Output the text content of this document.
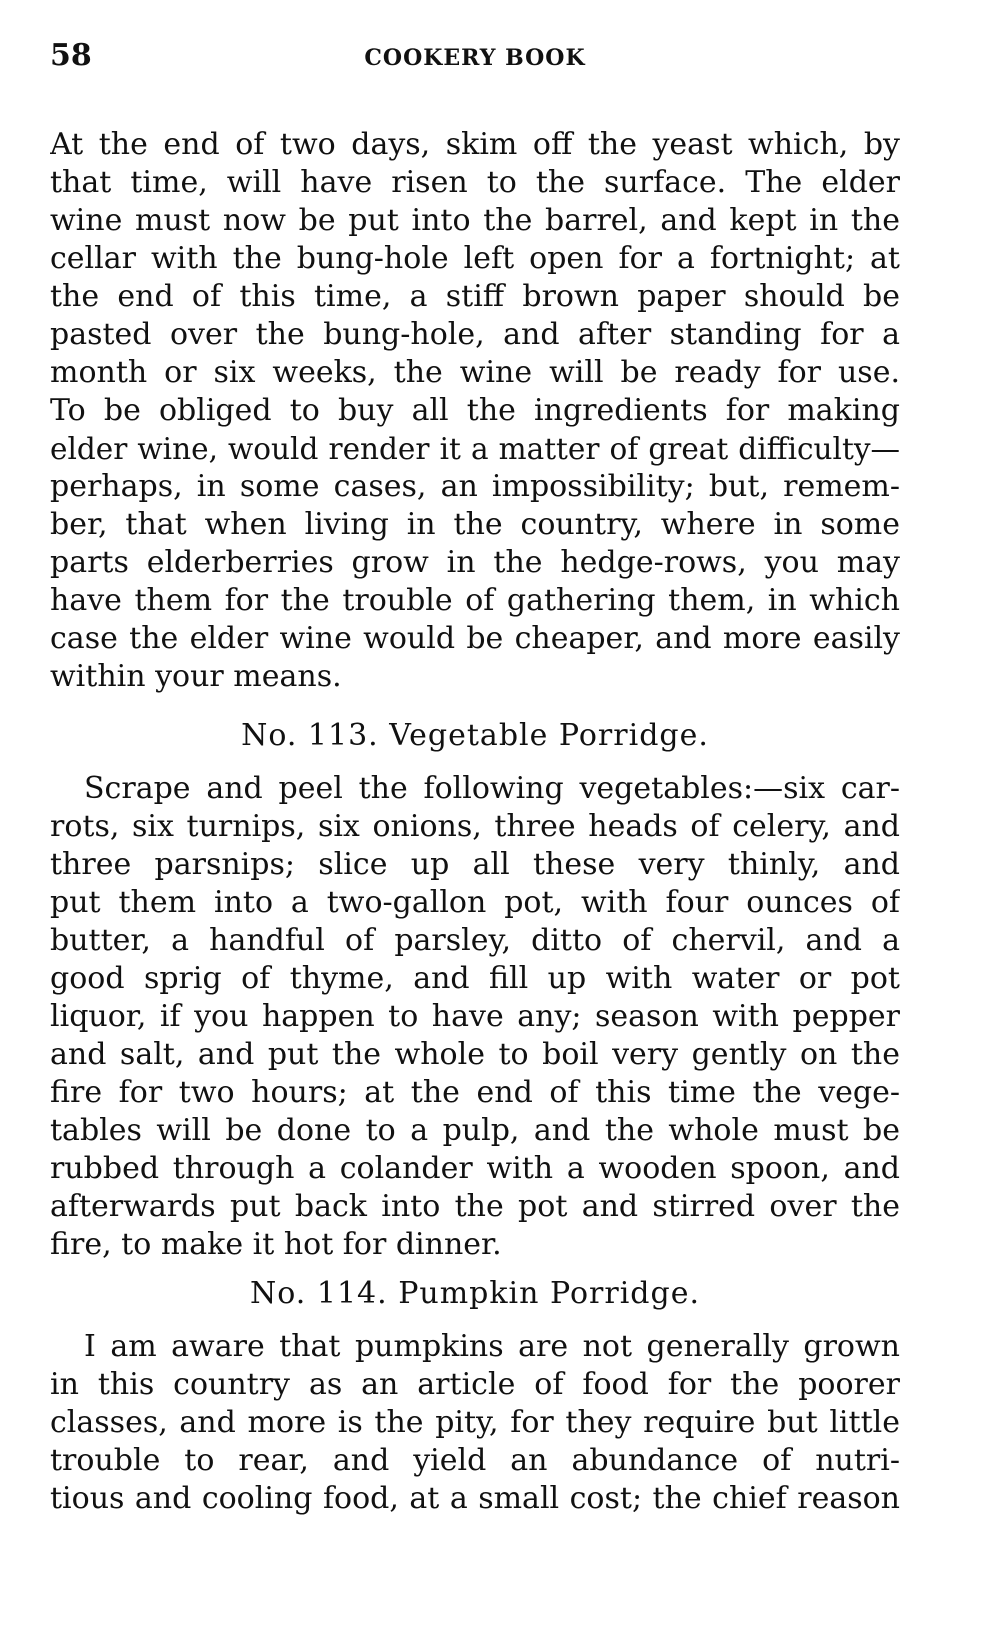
58	COOKERY BOOK
At the end of two days, skim off the yeast which, by
that time, will have risen to the surface. The elder
wine must now be put into the barrel, and kept in the
cellar with the bung-hole left open for a fortnight; at
the end of this time, a stiff brown paper should be
pasted over the bung-hole, and after standing for a
month or six weeks, the wine will be ready for use.
To be obliged to buy all the ingredients for making
elder wine, would render it a matter of great difficulty—
perhaps, in some cases, an impossibility; but, remem-
ber, that when living in the country, where in some
parts elderberries grow in the hedge-rows, you may
have them for the trouble of gathering them, in which
case the elder wine would be cheaper, and more easily
within your means.
No. 113. Vegetable Porridge.
Scrape and peel the following vegetables:—six car-
rots, six turnips, six onions, three heads of celery, and
three parsnips; slice up all these very thinly, and
put them into a two-gallon pot, with four ounces of
butter, a handful of parsley, ditto of chervil, and a
good sprig of thyme, and fill up with water or pot
liquor, if you happen to have any; season with pepper
and salt, and put the whole to boil very gently on the
fire for two hours; at the end of this time the vege-
tables will be done to a pulp, and the whole must be
rubbed through a colander with a wooden spoon, and
afterwards put back into the pot and stirred over the
fire, to make it hot for dinner.
No. 114. Pumpkin Porridge.
I am aware that pumpkins are not generally grown
in this country as an article of food for the poorer
classes, and more is the pity, for they require but little
trouble to rear, and yield an abundance of nutri-
tious and cooling food, at a small cost; the chief reason
